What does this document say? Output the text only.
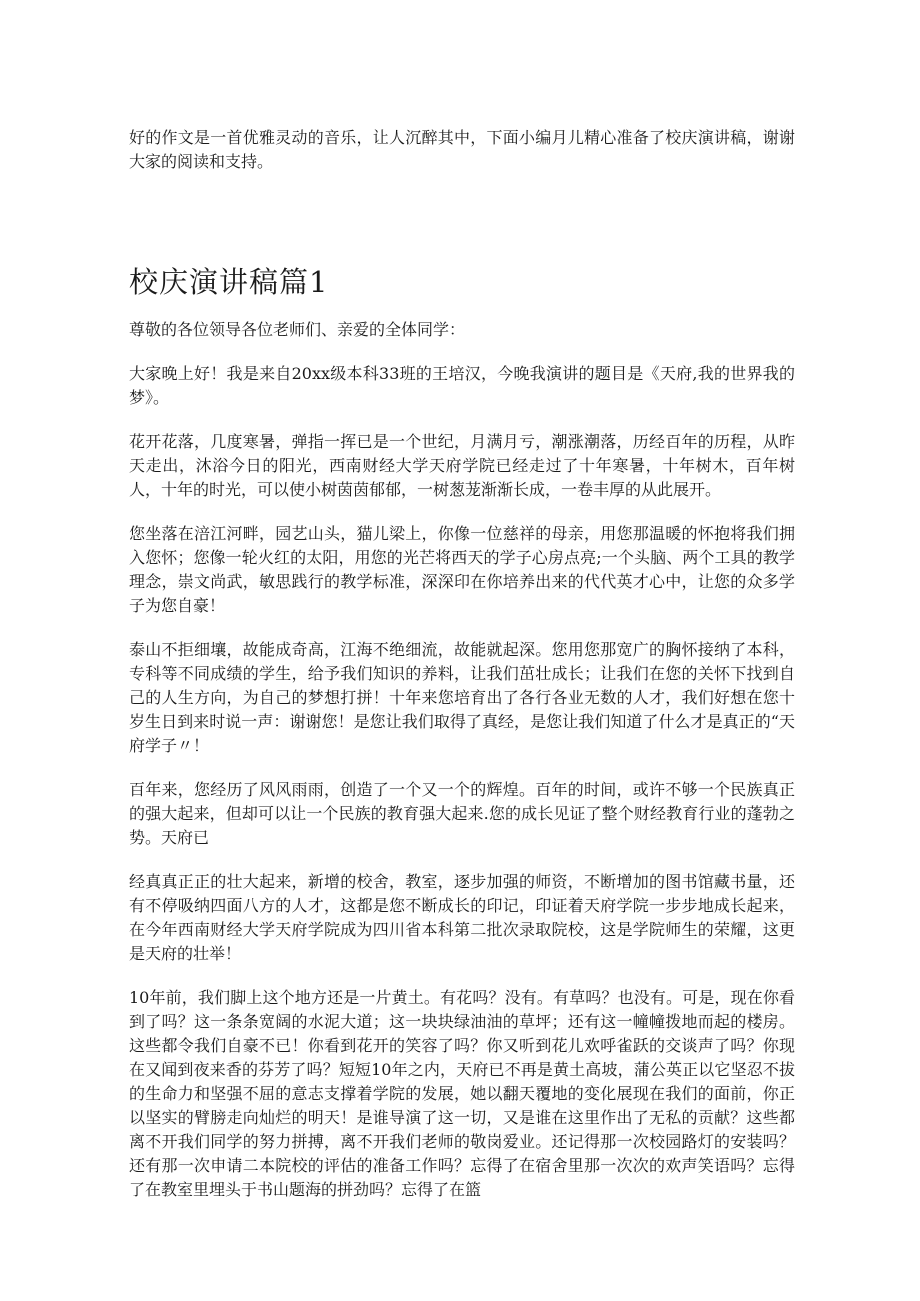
好的作文是一首优雅灵动的音乐，让人沉醉其中，下面小编月儿精心准备了校庆演讲稿，谢谢大家的阅读和支持。

校庆演讲稿篇1

尊敬的各位领导各位老师们、亲爱的全体同学：

大家晚上好！我是来自20xx级本科33班的王培汉，今晚我演讲的题目是《天府,我的世界我的梦》。

花开花落，几度寒暑，弹指一挥已是一个世纪，月满月亏，潮涨潮落，历经百年的历程，从昨天走出，沐浴今日的阳光，西南财经大学天府学院已经走过了十年寒暑，十年树木，百年树人，十年的时光，可以使小树茵茵郁郁，一树葱茏渐渐长成，一卷丰厚的从此展开。

您坐落在涪江河畔，园艺山头，猫儿梁上，你像一位慈祥的母亲，用您那温暖的怀抱将我们拥入您怀；您像一轮火红的太阳，用您的光芒将西天的学子心房点亮;一个头脑、两个工具的教学理念，崇文尚武，敏思践行的教学标准，深深印在你培养出来的代代英才心中，让您的众多学子为您自豪！

泰山不拒细壤，故能成奇高，江海不绝细流，故能就起深。您用您那宽广的胸怀接纳了本科，专科等不同成绩的学生，给予我们知识的养料，让我们茁壮成长；让我们在您的关怀下找到自己的人生方向，为自己的梦想打拼！十年来您培育出了各行各业无数的人才，我们好想在您十岁生日到来时说一声：谢谢您！是您让我们取得了真经，是您让我们知道了什么才是真正的“天府学子〃！

百年来，您经历了风风雨雨，创造了一个又一个的辉煌。百年的时间，或许不够一个民族真正的强大起来，但却可以让一个民族的教育强大起来.您的成长见证了整个财经教育行业的蓬勃之势。天府已

经真真正正的壮大起来，新增的校舍，教室，逐步加强的师资，不断增加的图书馆藏书量，还有不停吸纳四面八方的人才，这都是您不断成长的印记，印证着天府学院一步步地成长起来，在今年西南财经大学天府学院成为四川省本科第二批次录取院校，这是学院师生的荣耀，这更是天府的壮举！

10年前，我们脚上这个地方还是一片黄土。有花吗？没有。有草吗？也没有。可是，现在你看到了吗？这一条条宽阔的水泥大道；这一块块绿油油的草坪；还有这一幢幢拨地而起的楼房。这些都令我们自豪不已！你看到花开的笑容了吗？你又听到花儿欢呼雀跃的交谈声了吗？你现在又闻到夜来香的芬芳了吗？短短10年之内，天府已不再是黄土高坡，蒲公英正以它坚忍不拔的生命力和坚强不屈的意志支撑着学院的发展，她以翻天覆地的变化展现在我们的面前，你正以坚实的臂膀走向灿烂的明天！是谁导演了这一切，又是谁在这里作出了无私的贡献？这些都离不开我们同学的努力拼搏，离不开我们老师的敬岗爱业。还记得那一次校园路灯的安装吗？还有那一次申请二本院校的评估的准备工作吗？忘得了在宿舍里那一次次的欢声笑语吗？忘得了在教室里埋头于书山题海的拼劲吗？忘得了在篮
